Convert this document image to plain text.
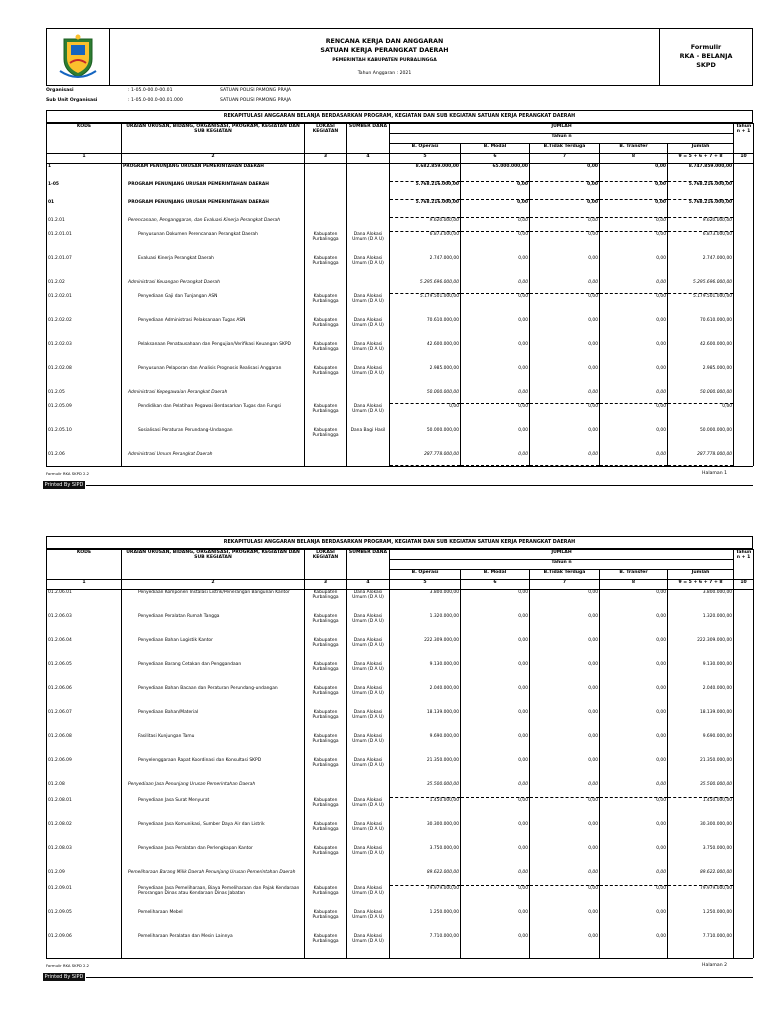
RENCANA KERJA DAN ANGGARAN
SATUAN KERJA PERANGKAT DAERAH
PEMERINTAH KABUPATEN PURBALINGGA
Tahun Anggaran : 2021
Formulir
RKA - BELANJA
SKPD
Organisasi	: 1-05.0-00.0-00.01	SATUAN POLISI PAMONG PRAJA
Sub Unit Organisasi	: 1-05.0-00.0-00.01.000	SATUAN POLISI PAMONG PRAJA
REKAPITULASI ANGGARAN BELANJA BERDASARKAN PROGRAM, KEGIATAN DAN SUB KEGIATAN SATUAN KERJA PERANGKAT DAERAH
KODE	URAIAN URUSAN, BIDANG, ORGANISASI, PROGRAM, KEGIATAN DAN SUB KEGIATAN	LOKASI KEGIATAN	SUMBER DANA	JUMLAH					Tahun n + 1
				Tahun n					
				B. Operasi	B. Modal	B.Tidak Terduga	B. Transfer	Jumlah	
1	2	3	4	5	6	7	8	9 = 5 + 6 + 7 + 8	10
1	PROGRAM PENUNJANG URUSAN PEMERINTAHAN DAERAH			8.682.859.000,00	65.000.000,00	0,00	0,00	8.747.859.000,00	
1-05	PROGRAM PENUNJANG URUSAN PEMERINTAHAN DAERAH			5.768.216.000,00	0,00	0,00	0,00	5.768.216.000,00	
01	PROGRAM PENUNJANG URUSAN PEMERINTAHAN DAERAH			5.768.216.000,00	0,00	0,00	0,00	5.768.216.000,00	
01.2.01	Perencanaan, Penganggaran, dan Evaluasi Kinerja Perangkat Daerah			9.620.000,00	0,00	0,00	0,00	9.620.000,00	
01.2.01.01	Penyusunan Dokumen Perencanaan Perangkat Daerah	Kabupaten Purbalingga	Dana Alokasi Umum (D A U)	6.873.000,00	0,00	0,00	0,00	6.873.000,00	
01.2.01.07	Evaluasi Kinerja Perangkat Daerah	Kabupaten Purbalingga	Dana Alokasi Umum (D A U)	2.747.000,00	0,00	0,00	0,00	2.747.000,00	
01.2.02	Administrasi Keuangan Perangkat Daerah			5.295.696.000,00	0,00	0,00	0,00	5.295.696.000,00	
01.2.02.01	Penyediaan Gaji dan Tunjangan ASN	Kabupaten Purbalingga	Dana Alokasi Umum (D A U)	5.179.501.000,00	0,00	0,00	0,00	5.179.501.000,00	
01.2.02.02	Penyediaan Administrasi Pelaksanaan Tugas ASN	Kabupaten Purbalingga	Dana Alokasi Umum (D A U)	70.610.000,00	0,00	0,00	0,00	70.610.000,00	
01.2.02.03	Pelaksanaan Penatausahaan dan Pengujian/Verifikasi Keuangan SKPD	Kabupaten Purbalingga	Dana Alokasi Umum (D A U)	42.600.000,00	0,00	0,00	0,00	42.600.000,00	
01.2.02.08	Penyusunan Pelaporan dan Analisis Prognosis Realisasi Anggaran	Kabupaten Purbalingga	Dana Alokasi Umum (D A U)	2.985.000,00	0,00	0,00	0,00	2.985.000,00	
01.2.05	Administrasi Kepegawaian Perangkat Daerah			50.000.000,00	0,00	0,00	0,00	50.000.000,00	
01.2.05.09	Pendidikan dan Pelatihan Pegawai Berdasarkan Tugas dan Fungsi	Kabupaten Purbalingga	Dana Alokasi Umum (D A U)	0,00	0,00	0,00	0,00	0,00	
01.2.05.10	Sosialisasi Peraturan Perundang-Undangan	Kabupaten Purbalingga	Dana Bagi Hasil	50.000.000,00	0,00	0,00	0,00	50.000.000,00	
01.2.06	Administrasi Umum Perangkat Daerah			287.778.000,00	0,00	0,00	0,00	287.778.000,00	
Formulir RKA SKPD 2.2	Halaman 1
Printed By SIPD
REKAPITULASI ANGGARAN BELANJA BERDASARKAN PROGRAM, KEGIATAN DAN SUB KEGIATAN SATUAN KERJA PERANGKAT DAERAH
KODE	URAIAN URUSAN, BIDANG, ORGANISASI, PROGRAM, KEGIATAN DAN SUB KEGIATAN	LOKASI KEGIATAN	SUMBER DANA	JUMLAH					Tahun n + 1
				Tahun n					
				B. Operasi	B. Modal	B.Tidak Terduga	B. Transfer	Jumlah	
1	2	3	4	5	6	7	8	9 = 5 + 6 + 7 + 8	10
01.2.06.01	Penyediaan Komponen Instalasi Listrik/Penerangan Bangunan Kantor	Kabupaten Purbalingga	Dana Alokasi Umum (D A U)	3.800.000,00	0,00	0,00	0,00	3.800.000,00	
01.2.06.03	Penyediaan Peralatan Rumah Tangga	Kabupaten Purbalingga	Dana Alokasi Umum (D A U)	1.320.000,00	0,00	0,00	0,00	1.320.000,00	
01.2.06.04	Penyediaan Bahan Logistik Kantor	Kabupaten Purbalingga	Dana Alokasi Umum (D A U)	222.309.000,00	0,00	0,00	0,00	222.309.000,00	
01.2.06.05	Penyediaan Barang Cetakan dan Penggandaan	Kabupaten Purbalingga	Dana Alokasi Umum (D A U)	9.130.000,00	0,00	0,00	0,00	9.130.000,00	
01.2.06.06	Penyediaan Bahan Bacaan dan Peraturan Perundang-undangan	Kabupaten Purbalingga	Dana Alokasi Umum (D A U)	2.040.000,00	0,00	0,00	0,00	2.040.000,00	
01.2.06.07	Penyediaan Bahan/Material	Kabupaten Purbalingga	Dana Alokasi Umum (D A U)	18.139.000,00	0,00	0,00	0,00	18.139.000,00	
01.2.06.08	Fasilitasi Kunjungan Tamu	Kabupaten Purbalingga	Dana Alokasi Umum (D A U)	9.690.000,00	0,00	0,00	0,00	9.690.000,00	
01.2.06.09	Penyelenggaraan Rapat Koordinasi dan Konsultasi SKPD	Kabupaten Purbalingga	Dana Alokasi Umum (D A U)	21.350.000,00	0,00	0,00	0,00	21.350.000,00	
01.2.08	Penyediaan Jasa Penunjang Urusan Pemerintahan Daerah			35.500.000,00	0,00	0,00	0,00	35.500.000,00	
01.2.08.01	Penyediaan Jasa Surat Menyurat	Kabupaten Purbalingga	Dana Alokasi Umum (D A U)	1.450.000,00	0,00	0,00	0,00	1.450.000,00	
01.2.08.02	Penyediaan Jasa Komunikasi, Sumber Daya Air dan Listrik	Kabupaten Purbalingga	Dana Alokasi Umum (D A U)	30.300.000,00	0,00	0,00	0,00	30.300.000,00	
01.2.08.03	Penyediaan Jasa Peralatan dan Perlengkapan Kantor	Kabupaten Purbalingga	Dana Alokasi Umum (D A U)	3.750.000,00	0,00	0,00	0,00	3.750.000,00	
01.2.09	Pemeliharaan Barang Milik Daerah Penunjang Urusan Pemerintahan Daerah			89.622.000,00	0,00	0,00	0,00	89.622.000,00	
01.2.09.01	Penyediaan Jasa Pemeliharaan, Biaya Pemeliharaan dan Pajak Kendaraan Perorangan Dinas atau Kendaraan Dinas Jabatan	Kabupaten Purbalingga	Dana Alokasi Umum (D A U)	79.979.000,00	0,00	0,00	0,00	79.979.000,00	
01.2.09.05	Pemeliharaan Mebel	Kabupaten Purbalingga	Dana Alokasi Umum (D A U)	1.250.000,00	0,00	0,00	0,00	1.250.000,00	
01.2.09.06	Pemeliharaan Peralatan dan Mesin Lainnya	Kabupaten Purbalingga	Dana Alokasi Umum (D A U)	7.710.000,00	0,00	0,00	0,00	7.710.000,00	
Formulir RKA SKPD 2.2	Halaman 2
Printed By SIPD
